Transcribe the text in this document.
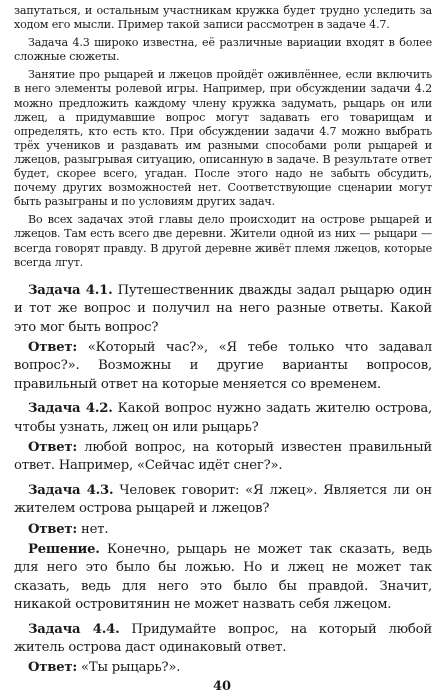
запутаться, и остальным участникам кружка будет трудно уследить за ходом его мысли. Пример такой записи рассмотрен в задаче 4.7.

Задача 4.3 широко известна, её различные вариации входят в более сложные сюжеты.

Занятие про рыцарей и лжецов пройдёт оживлённее, если включить в него элементы ролевой игры. Например, при обсуждении задачи 4.2 можно предложить каждому члену кружка задумать, рыцарь он или лжец, а придумавшие вопрос могут задавать его товарищам и определять, кто есть кто. При обсуждении задачи 4.7 можно выбрать трёх учеников и раздавать им разными способами роли рыцарей и лжецов, разыгрывая ситуацию, описанную в задаче. В результате ответ будет, скорее всего, угадан. После этого надо не забыть обсудить, почему других возможностей нет. Соответствующие сценарии могут быть разыграны и по условиям других задач.

Во всех задачах этой главы дело происходит на острове рыцарей и лжецов. Там есть всего две деревни. Жители одной из них — рыцари — всегда говорят правду. В другой деревне живёт племя лжецов, которые всегда лгут.

Задача 4.1. Путешественник дважды задал рыцарю один и тот же вопрос и получил на него разные ответы. Какой это мог быть вопрос?

Ответ: «Который час?», «Я тебе только что задавал вопрос?». Возможны и другие варианты вопросов, правильный ответ на которые меняется со временем.

Задача 4.2. Какой вопрос нужно задать жителю острова, чтобы узнать, лжец он или рыцарь?

Ответ: любой вопрос, на который известен правильный ответ. Например, «Сейчас идёт снег?».

Задача 4.3. Человек говорит: «Я лжец». Является ли он жителем острова рыцарей и лжецов?

Ответ: нет.

Решение. Конечно, рыцарь не может так сказать, ведь для него это было бы ложью. Но и лжец не может так сказать, ведь для него это было бы правдой. Значит, никакой островитянин не может назвать себя лжецом.

Задача 4.4. Придумайте вопрос, на который любой житель острова даст одинаковый ответ.

Ответ: «Ты рыцарь?».

40
